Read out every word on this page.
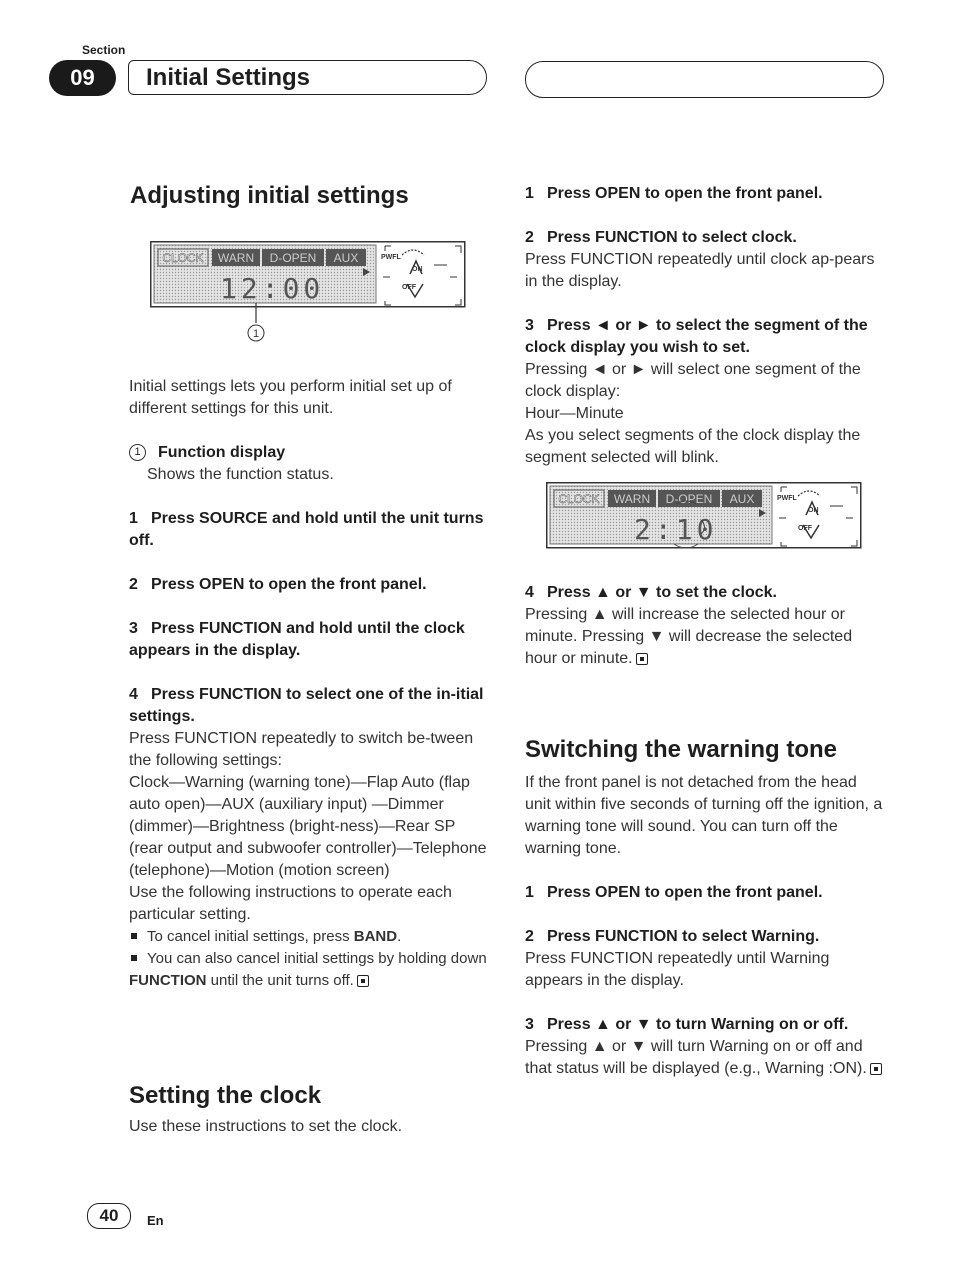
Section
09	Initial Settings
Adjusting initial settings
CLOCK WARN D-OPEN AUX
12:00
PWFL
ON
OFF
1

Initial settings lets you perform initial set up of different settings for this unit.

1 Function display

Shows the function status.

1 Press SOURCE and hold until the unit turns off.

2 Press OPEN to open the front panel.

3 Press FUNCTION and hold until the clock appears in the display.

4 Press FUNCTION to select one of the in-itial settings.

Press FUNCTION repeatedly to switch be-tween the following settings:

Clock—Warning (warning tone)—Flap Auto (flap auto open)—AUX (auxiliary input) —Dimmer (dimmer)—Brightness (bright-ness)—Rear SP (rear output and subwoofer controller)—Telephone (telephone)—Motion (motion screen)

Use the following instructions to operate each particular setting.

To cancel initial settings, press BAND.

You can also cancel initial settings by holding down FUNCTION until the unit turns off.

Setting the clock

Use these instructions to set the clock.

1 Press OPEN to open the front panel.

2 Press FUNCTION to select clock.

Press FUNCTION repeatedly until clock ap-pears in the display.

3 Press ◄ or ► to select the segment of the clock display you wish to set.

Pressing ◄ or ► will select one segment of the clock display:

Hour—Minute

As you select segments of the clock display the segment selected will blink.

CLOCK WARN D-OPEN AUX
2:10
PWFL
ON
OFF

4 Press ▲ or ▼ to set the clock.

Pressing ▲ will increase the selected hour or minute. Pressing ▼ will decrease the selected hour or minute.

Switching the warning tone

If the front panel is not detached from the head unit within five seconds of turning off the ignition, a warning tone will sound. You can turn off the warning tone.

1 Press OPEN to open the front panel.

2 Press FUNCTION to select Warning.

Press FUNCTION repeatedly until Warning appears in the display.

3 Press ▲ or ▼ to turn Warning on or off.

Pressing ▲ or ▼ will turn Warning on or off and that status will be displayed (e.g., Warning :ON).

40	En
